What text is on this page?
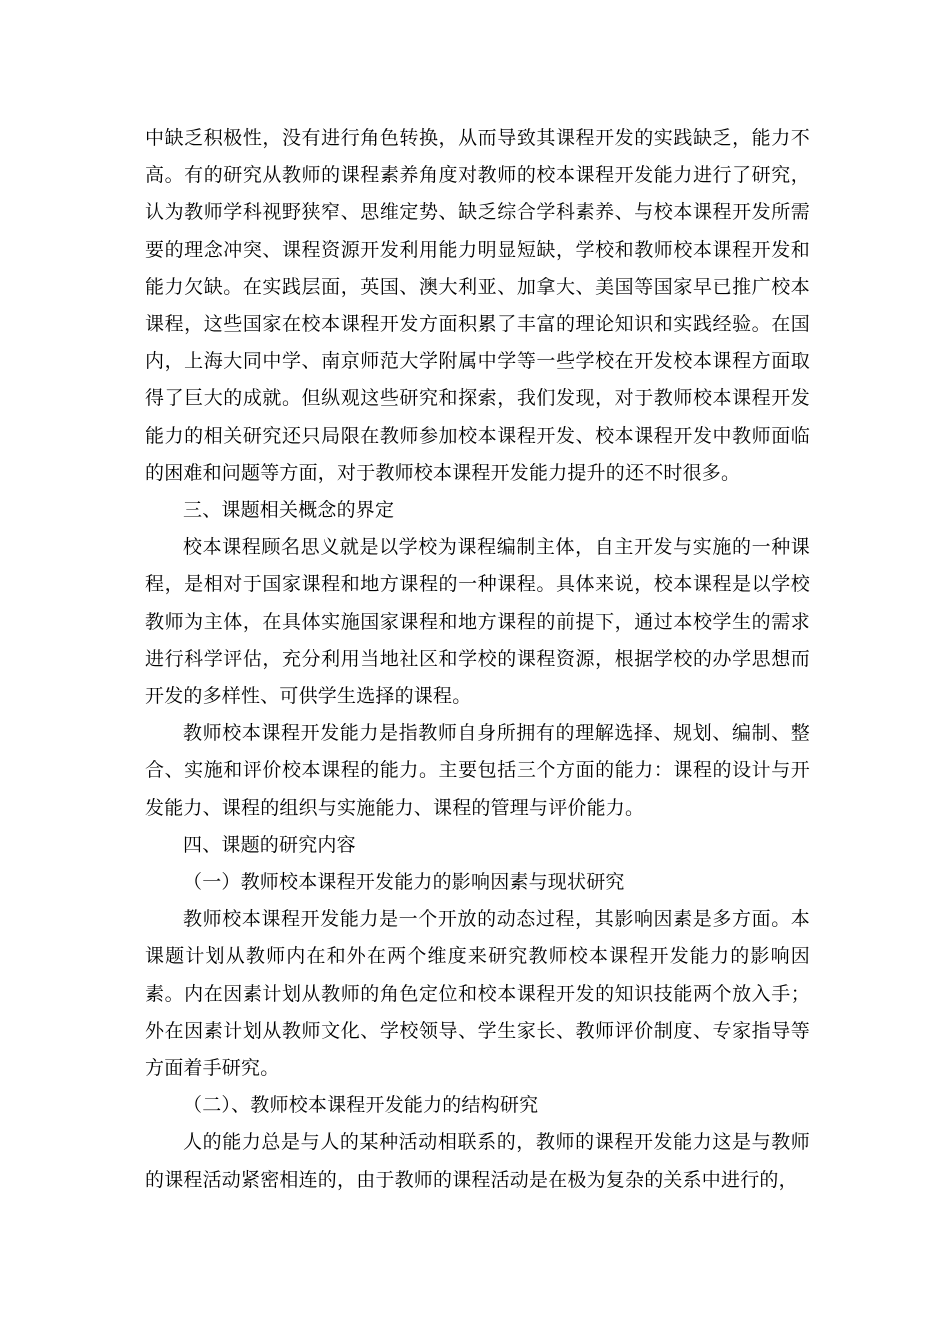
中缺乏积极性，没有进行角色转换，从而导致其课程开发的实践缺乏，能力不高。有的研究从教师的课程素养角度对教师的校本课程开发能力进行了研究，认为教师学科视野狭窄、思维定势、缺乏综合学科素养、与校本课程开发所需要的理念冲突、课程资源开发利用能力明显短缺，学校和教师校本课程开发和能力欠缺。在实践层面，英国、澳大利亚、加拿大、美国等国家早已推广校本课程，这些国家在校本课程开发方面积累了丰富的理论知识和实践经验。在国内，上海大同中学、南京师范大学附属中学等一些学校在开发校本课程方面取得了巨大的成就。但纵观这些研究和探索，我们发现，对于教师校本课程开发能力的相关研究还只局限在教师参加校本课程开发、校本课程开发中教师面临的困难和问题等方面，对于教师校本课程开发能力提升的还不时很多。

三、课题相关概念的界定

校本课程顾名思义就是以学校为课程编制主体，自主开发与实施的一种课程，是相对于国家课程和地方课程的一种课程。具体来说，校本课程是以学校教师为主体，在具体实施国家课程和地方课程的前提下，通过本校学生的需求进行科学评估，充分利用当地社区和学校的课程资源，根据学校的办学思想而开发的多样性、可供学生选择的课程。

教师校本课程开发能力是指教师自身所拥有的理解选择、规划、编制、整合、实施和评价校本课程的能力。主要包括三个方面的能力：课程的设计与开发能力、课程的组织与实施能力、课程的管理与评价能力。

四、课题的研究内容

（一）教师校本课程开发能力的影响因素与现状研究

教师校本课程开发能力是一个开放的动态过程，其影响因素是多方面。本课题计划从教师内在和外在两个维度来研究教师校本课程开发能力的影响因素。内在因素计划从教师的角色定位和校本课程开发的知识技能两个放入手；外在因素计划从教师文化、学校领导、学生家长、教师评价制度、专家指导等方面着手研究。

（二）、教师校本课程开发能力的结构研究

人的能力总是与人的某种活动相联系的，教师的课程开发能力这是与教师的课程活动紧密相连的，由于教师的课程活动是在极为复杂的关系中进行的，
